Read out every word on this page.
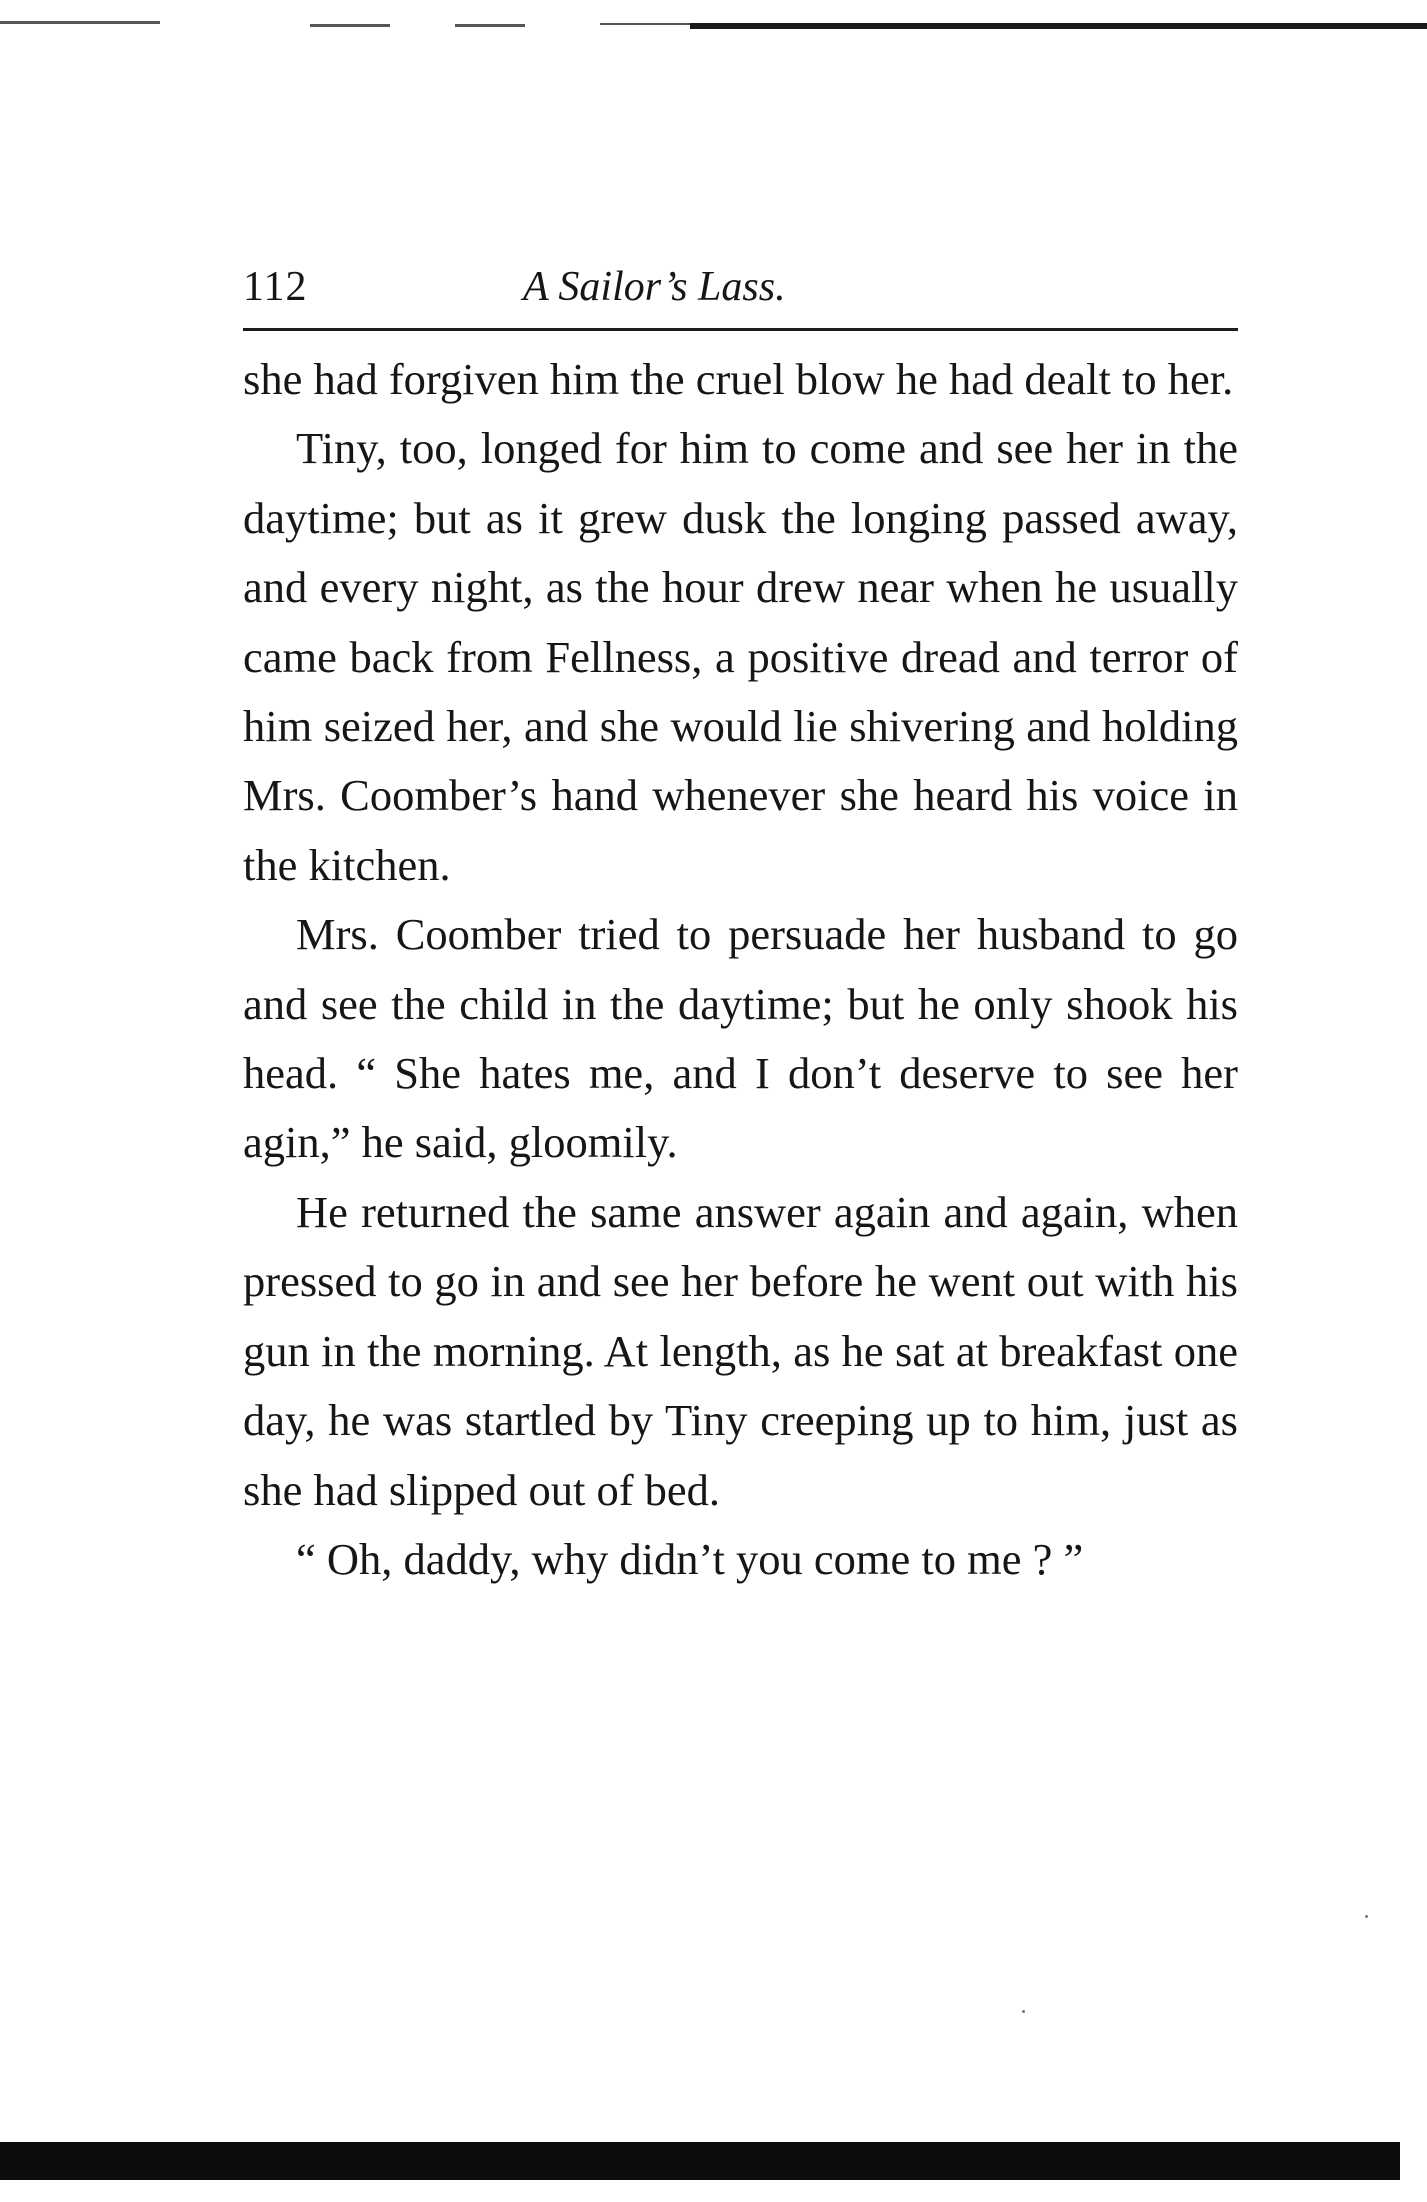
112	A Sailor’s Lass.

she had forgiven him the cruel blow he had dealt to her.

Tiny, too, longed for him to come and see her in the daytime; but as it grew dusk the longing passed away, and every night, as the hour drew near when he usually came back from Fellness, a positive dread and terror of him seized her, and she would lie shivering and holding Mrs. Coomber’s hand whenever she heard his voice in the kitchen.

Mrs. Coomber tried to persuade her husband to go and see the child in the daytime; but he only shook his head. “ She hates me, and I don’t deserve to see her agin,” he said, gloomily.

He returned the same answer again and again, when pressed to go in and see her before he went out with his gun in the morning. At length, as he sat at breakfast one day, he was startled by Tiny creeping up to him, just as she had slipped out of bed.

“ Oh, daddy, why didn’t you come to me ? ”
